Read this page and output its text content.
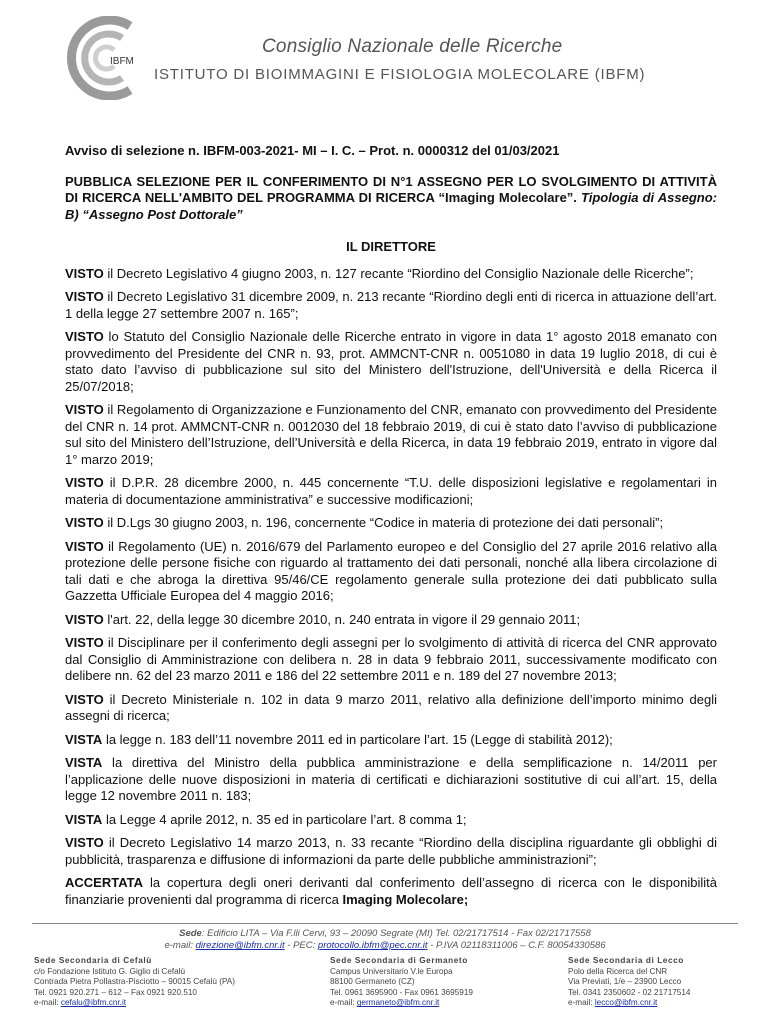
IBFM
Consiglio Nazionale delle Ricerche
ISTITUTO DI BIOIMMAGINI E FISIOLOGIA MOLECOLARE (IBFM)

Avviso di selezione n. IBFM-003-2021- MI – I. C. – Prot. n. 0000312 del 01/03/2021

PUBBLICA SELEZIONE PER IL CONFERIMENTO DI N°1 ASSEGNO PER LO SVOLGIMENTO DI ATTIVITÀ DI RICERCA NELL'AMBITO DEL PROGRAMMA DI RICERCA “Imaging Molecolare”. Tipologia di Assegno: B) “Assegno Post Dottorale”

IL DIRETTORE

VISTO il Decreto Legislativo 4 giugno 2003, n. 127 recante “Riordino del Consiglio Nazionale delle Ricerche”;

VISTO il Decreto Legislativo 31 dicembre 2009, n. 213 recante “Riordino degli enti di ricerca in attuazione dell’art. 1 della legge 27 settembre 2007 n. 165”;

VISTO lo Statuto del Consiglio Nazionale delle Ricerche entrato in vigore in data 1° agosto 2018 emanato con provvedimento del Presidente del CNR n. 93, prot. AMMCNT-CNR n. 0051080 in data 19 luglio 2018, di cui è stato dato l’avviso di pubblicazione sul sito del Ministero dell'Istruzione, dell'Università e della Ricerca il 25/07/2018;

VISTO il Regolamento di Organizzazione e Funzionamento del CNR, emanato con provvedimento del Presidente del CNR n. 14 prot. AMMCNT-CNR n. 0012030 del 18 febbraio 2019, di cui è stato dato l’avviso di pubblicazione sul sito del Ministero dell’Istruzione, dell’Università e della Ricerca, in data 19 febbraio 2019, entrato in vigore dal 1° marzo 2019;

VISTO il D.P.R. 28 dicembre 2000, n. 445 concernente “T.U. delle disposizioni legislative e regolamentari in materia di documentazione amministrativa” e successive modificazioni;

VISTO il D.Lgs 30 giugno 2003, n. 196, concernente “Codice in materia di protezione dei dati personali”;

VISTO il Regolamento (UE) n. 2016/679 del Parlamento europeo e del Consiglio del 27 aprile 2016 relativo alla protezione delle persone fisiche con riguardo al trattamento dei dati personali, nonché alla libera circolazione di tali dati e che abroga la direttiva 95/46/CE regolamento generale sulla protezione dei dati pubblicato sulla Gazzetta Ufficiale Europea del 4 maggio 2016;

VISTO l'art. 22, della legge 30 dicembre 2010, n. 240 entrata in vigore il 29 gennaio 2011;

VISTO il Disciplinare per il conferimento degli assegni per lo svolgimento di attività di ricerca del CNR approvato dal Consiglio di Amministrazione con delibera n. 28 in data 9 febbraio 2011, successivamente modificato con delibere nn. 62 del 23 marzo 2011 e 186 del 22 settembre 2011 e n. 189 del 27 novembre 2013;

VISTO il Decreto Ministeriale n. 102 in data 9 marzo 2011, relativo alla definizione dell’importo minimo degli assegni di ricerca;

VISTA la legge n. 183 dell’11 novembre 2011 ed in particolare l’art. 15 (Legge di stabilità 2012);

VISTA la direttiva del Ministro della pubblica amministrazione e della semplificazione n. 14/2011 per l’applicazione delle nuove disposizioni in materia di certificati e dichiarazioni sostitutive di cui all’art. 15, della legge 12 novembre 2011 n. 183;

VISTA la Legge 4 aprile 2012, n. 35 ed in particolare l’art. 8 comma 1;

VISTO il Decreto Legislativo 14 marzo 2013, n. 33 recante “Riordino della disciplina riguardante gli obblighi di pubblicità, trasparenza e diffusione di informazioni da parte delle pubbliche amministrazioni”;

ACCERTATA la copertura degli oneri derivanti dal conferimento dell’assegno di ricerca con le disponibilità finanziarie provenienti dal programma di ricerca Imaging Molecolare;

Sede: Edificio LITA – Via F.lli Cervi, 93 – 20090 Segrate (MI) Tel. 02/21717514 - Fax 02/21717558
e-mail: direzione@ibfm.cnr.it - PEC: protocollo.ibfm@pec.cnr.it - P.IVA 02118311006 – C.F. 80054330586
Sede Secondaria di Cefalù
c/o Fondazione Istituto G. Giglio di Cefalù
Contrada Pietra Pollastra-Pisciotto – 90015 Cefalù (PA)
Tel. 0921 920.271 – 612 – Fax 0921 920.510
e-mail: cefalu@ibfm.cnr.it
Sede Secondaria di Germaneto
Campus Universitario V.le Europa
88100 Germaneto (CZ)
Tel. 0961 3695900 - Fax 0961 3695919
e-mail: germaneto@ibfm.cnr.it
Sede Secondaria di Lecco
Polo della Ricerca del CNR
Via Previati, 1/e – 23900 Lecco
Tel. 0341 2350602 - 02 21717514
e-mail: lecco@ibfm.cnr.it
